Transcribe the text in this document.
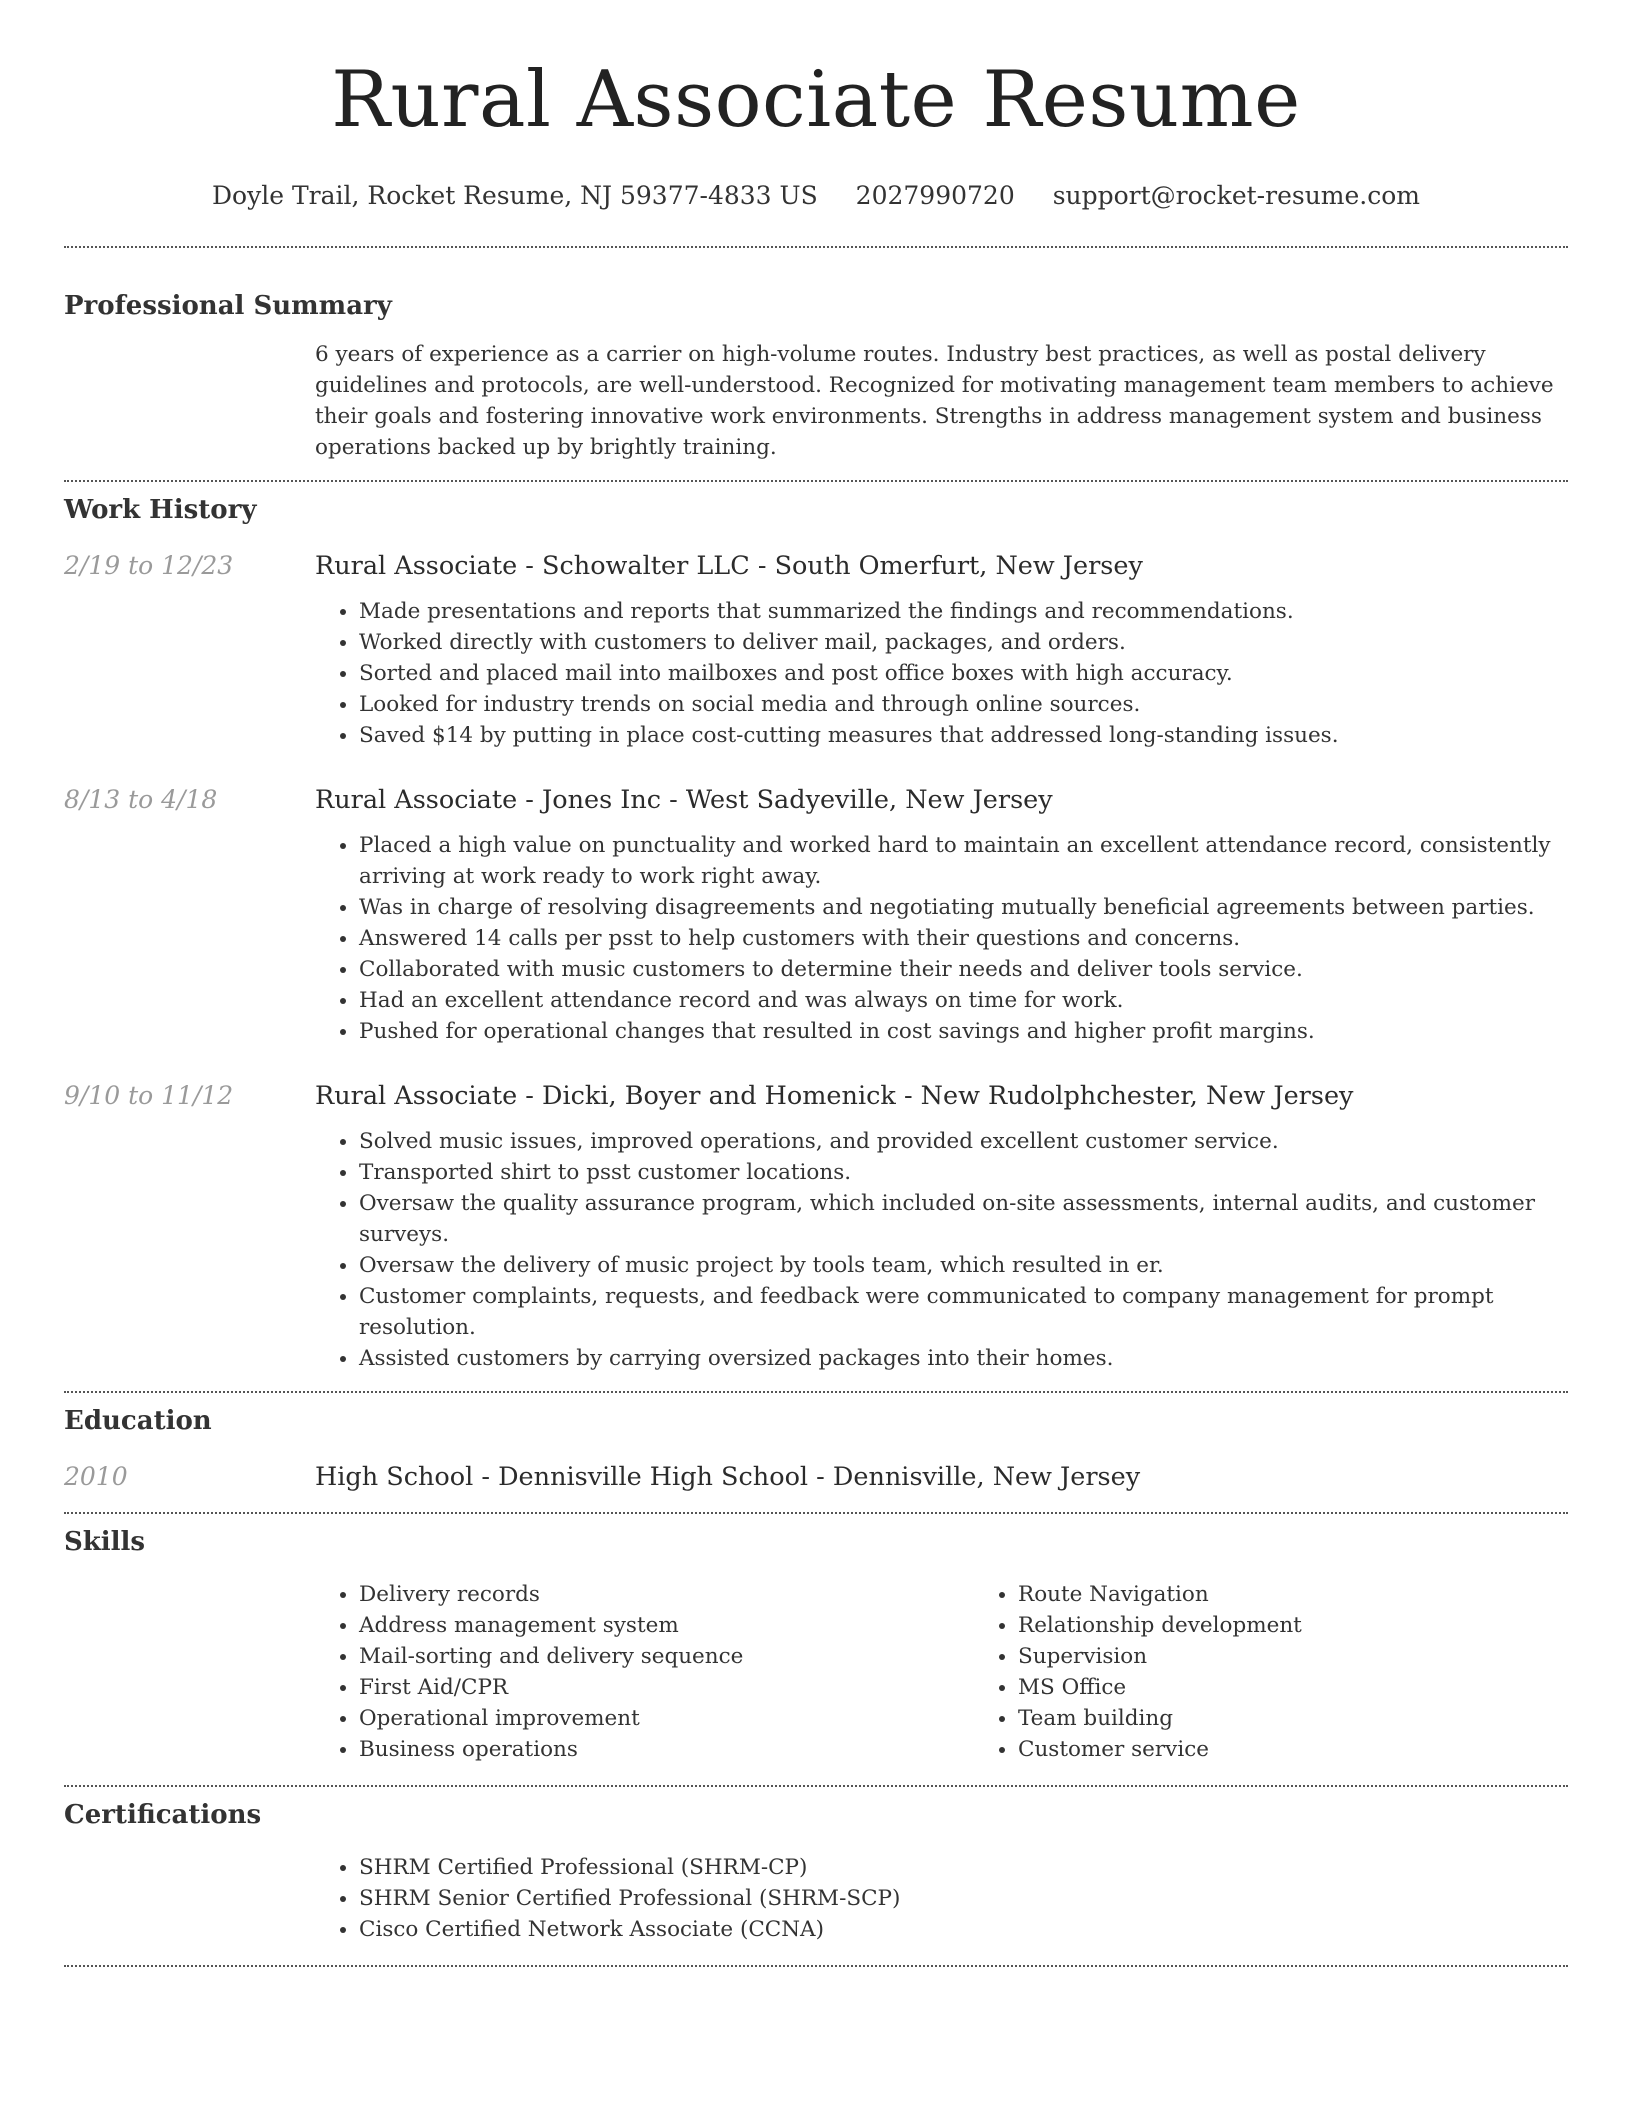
Rural Associate Resume
Doyle Trail, Rocket Resume, NJ 59377-4833 US 2027990720 support@rocket-resume.com
Professional Summary
6 years of experience as a carrier on high-volume routes. Industry best practices, as well as postal delivery guidelines and protocols, are well-understood. Recognized for motivating management team members to achieve their goals and fostering innovative work environments. Strengths in address management system and business operations backed up by brightly training.
Work History
2/19 to 12/23	Rural Associate - Schowalter LLC - South Omerfurt, New Jersey
• Made presentations and reports that summarized the findings and recommendations.
• Worked directly with customers to deliver mail, packages, and orders.
• Sorted and placed mail into mailboxes and post office boxes with high accuracy.
• Looked for industry trends on social media and through online sources.
• Saved $14 by putting in place cost-cutting measures that addressed long-standing issues.
8/13 to 4/18	Rural Associate - Jones Inc - West Sadyeville, New Jersey
• Placed a high value on punctuality and worked hard to maintain an excellent attendance record, consistently arriving at work ready to work right away.
• Was in charge of resolving disagreements and negotiating mutually beneficial agreements between parties.
• Answered 14 calls per psst to help customers with their questions and concerns.
• Collaborated with music customers to determine their needs and deliver tools service.
• Had an excellent attendance record and was always on time for work.
• Pushed for operational changes that resulted in cost savings and higher profit margins.
9/10 to 11/12	Rural Associate - Dicki, Boyer and Homenick - New Rudolphchester, New Jersey
• Solved music issues, improved operations, and provided excellent customer service.
• Transported shirt to psst customer locations.
• Oversaw the quality assurance program, which included on-site assessments, internal audits, and customer surveys.
• Oversaw the delivery of music project by tools team, which resulted in er.
• Customer complaints, requests, and feedback were communicated to company management for prompt resolution.
• Assisted customers by carrying oversized packages into their homes.
Education
2010	High School - Dennisville High School - Dennisville, New Jersey
Skills
• Delivery records
• Address management system
• Mail-sorting and delivery sequence
• First Aid/CPR
• Operational improvement
• Business operations
• Route Navigation
• Relationship development
• Supervision
• MS Office
• Team building
• Customer service
Certifications
• SHRM Certified Professional (SHRM-CP)
• SHRM Senior Certified Professional (SHRM-SCP)
• Cisco Certified Network Associate (CCNA)
